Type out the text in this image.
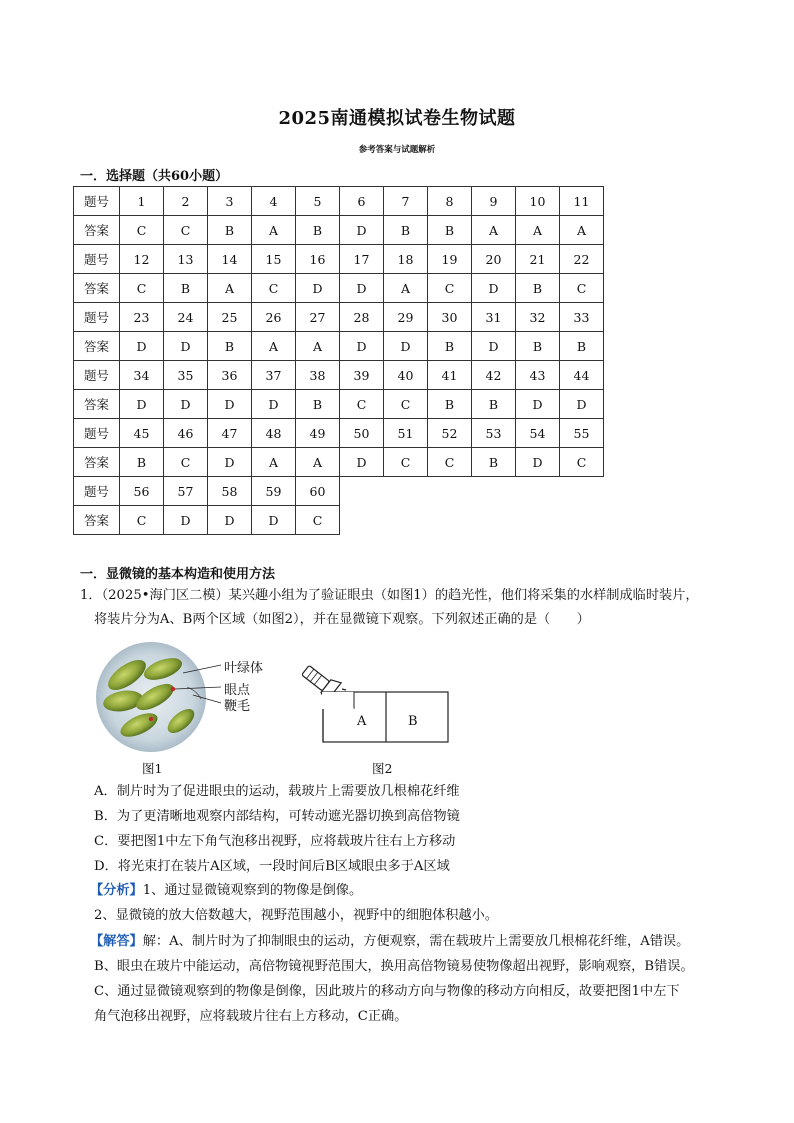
2025南通模拟试卷生物试题
参考答案与试题解析
一．选择题（共60小题）
题号	1	2	3	4	5	6	7	8	9	10	11
答案	C	C	B	A	B	D	B	B	A	A	A
题号	12	13	14	15	16	17	18	19	20	21	22
答案	C	B	A	C	D	D	A	C	D	B	C
题号	23	24	25	26	27	28	29	30	31	32	33
答案	D	D	B	A	A	D	D	B	D	B	B
题号	34	35	36	37	38	39	40	41	42	43	44
答案	D	D	D	D	B	C	C	B	B	D	D
题号	45	46	47	48	49	50	51	52	53	54	55
答案	B	C	D	A	A	D	C	C	B	D	C
题号	56	57	58	59	60						
答案	C	D	D	D	C						
一．显微镜的基本构造和使用方法
1．（2025•海门区二模）某兴趣小组为了验证眼虫（如图1）的趋光性，他们将采集的水样制成临时装片，
将装片分为A、B两个区域（如图2），并在显微镜下观察。下列叙述正确的是（　　）
叶绿体
眼点
鞭毛
图1
A	B
图2
A．制片时为了促进眼虫的运动，载玻片上需要放几根棉花纤维
B．为了更清晰地观察内部结构，可转动遮光器切换到高倍物镜
C．要把图1中左下角气泡移出视野，应将载玻片往右上方移动
D．将光束打在装片A区域，一段时间后B区域眼虫多于A区域
【分析】1、通过显微镜观察到的物像是倒像。
2、显微镜的放大倍数越大，视野范围越小，视野中的细胞体积越小。
【解答】解：A、制片时为了抑制眼虫的运动，方便观察，需在载玻片上需要放几根棉花纤维，A错误。
B、眼虫在玻片中能运动，高倍物镜视野范围大，换用高倍物镜易使物像超出视野，影响观察，B错误。
C、通过显微镜观察到的物像是倒像，因此玻片的移动方向与物像的移动方向相反，故要把图1中左下
角气泡移出视野，应将载玻片往右上方移动，C正确。
